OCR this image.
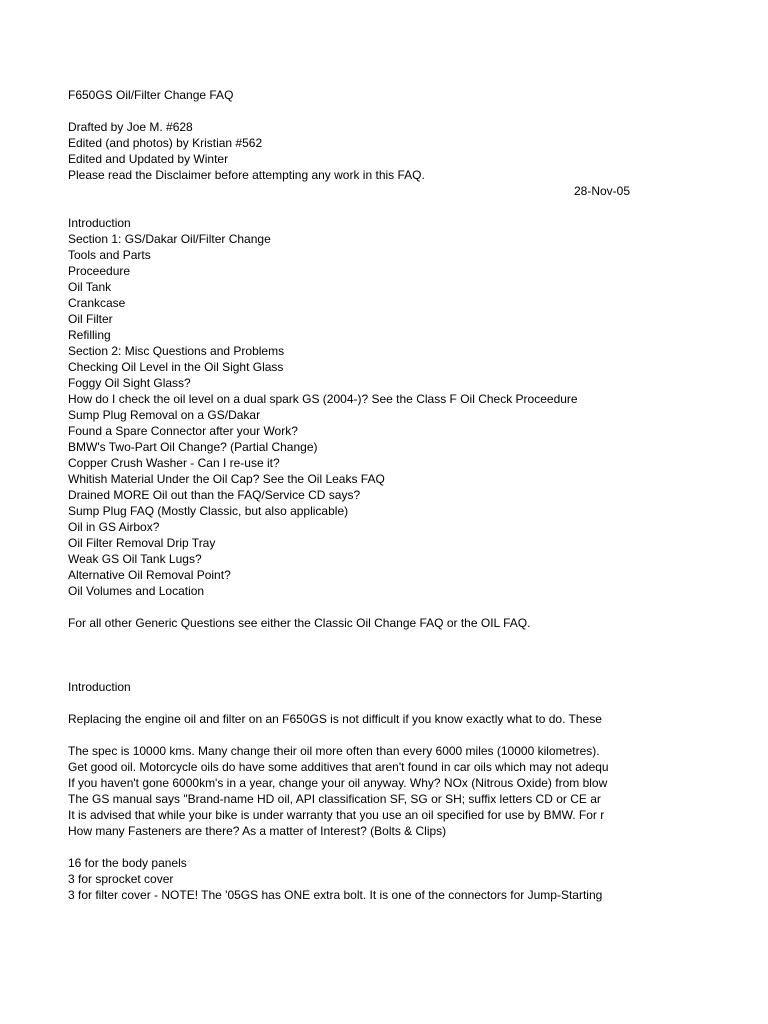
F650GS Oil/Filter Change FAQ
Drafted by Joe M. #628
Edited (and photos) by Kristian #562
Edited and Updated by Winter
Please read the Disclaimer before attempting any work in this FAQ.
28-Nov-05
Introduction
Section 1: GS/Dakar Oil/Filter Change
Tools and Parts
Proceedure
Oil Tank
Crankcase
Oil Filter
Refilling
Section 2: Misc Questions and Problems
Checking Oil Level in the Oil Sight Glass
Foggy Oil Sight Glass?
How do I check the oil level on a dual spark GS (2004-)? See the Class F Oil Check Proceedure
Sump Plug Removal on a GS/Dakar
Found a Spare Connector after your Work?
BMW's Two-Part Oil Change? (Partial Change)
Copper Crush Washer - Can I re-use it?
Whitish Material Under the Oil Cap? See the Oil Leaks FAQ
Drained MORE Oil out than the FAQ/Service CD says?
Sump Plug FAQ (Mostly Classic, but also applicable)
Oil in GS Airbox?
Oil Filter Removal Drip Tray
Weak GS Oil Tank Lugs?
Alternative Oil Removal Point?
Oil Volumes and Location
For all other Generic Questions see either the Classic Oil Change FAQ or the OIL FAQ.
Introduction
Replacing the engine oil and filter on an F650GS is not difficult if you know exactly what to do. These
The spec is 10000 kms. Many change their oil more often than every 6000 miles (10000 kilometres).
Get good oil. Motorcycle oils do have some additives that aren't found in car oils which may not adequ
If you haven't gone 6000km's in a year, change your oil anyway. Why? NOx (Nitrous Oxide) from blow
The GS manual says "Brand-name HD oil, API classification SF, SG or SH; suffix letters CD or CE ar
It is advised that while your bike is under warranty that you use an oil specified for use by BMW. For r
How many Fasteners are there? As a matter of Interest? (Bolts & Clips)
16 for the body panels
3 for sprocket cover
3 for filter cover - NOTE! The '05GS has ONE extra bolt. It is one of the connectors for Jump-Starting
